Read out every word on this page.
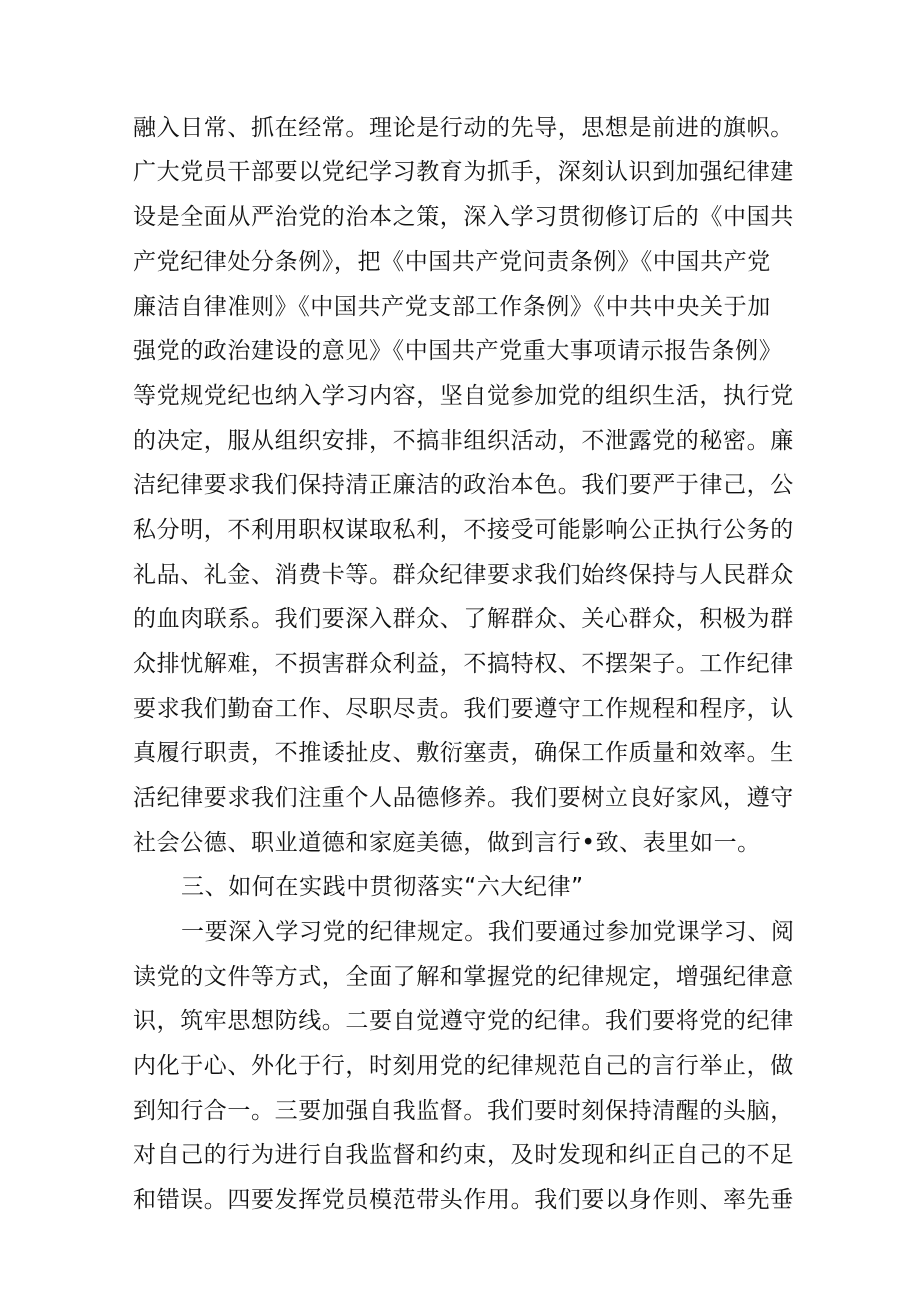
融入日常、抓在经常。理论是行动的先导，思想是前进的旗帜。
广大党员干部要以党纪学习教育为抓手，深刻认识到加强纪律建
设是全面从严治党的治本之策，深入学习贯彻修订后的《中国共
产党纪律处分条例》，把《中国共产党问责条例》《中国共产党
廉洁自律准则》《中国共产党支部工作条例》《中共中央关于加
强党的政治建设的意见》《中国共产党重大事项请示报告条例》
等党规党纪也纳入学习内容，坚自觉参加党的组织生活，执行党
的决定，服从组织安排，不搞非组织活动，不泄露党的秘密。廉
洁纪律要求我们保持清正廉洁的政治本色。我们要严于律己，公
私分明，不利用职权谋取私利，不接受可能影响公正执行公务的
礼品、礼金、消费卡等。群众纪律要求我们始终保持与人民群众
的血肉联系。我们要深入群众、了解群众、关心群众，积极为群
众排忧解难，不损害群众利益，不搞特权、不摆架子。工作纪律
要求我们勤奋工作、尽职尽责。我们要遵守工作规程和程序，认
真履行职责，不推诿扯皮、敷衍塞责，确保工作质量和效率。生
活纪律要求我们注重个人品德修养。我们要树立良好家风，遵守
社会公德、职业道德和家庭美德，做到言行•致、表里如一。
三、如何在实践中贯彻落实“六大纪律”
一要深入学习党的纪律规定。我们要通过参加党课学习、阅
读党的文件等方式，全面了解和掌握党的纪律规定，增强纪律意
识，筑牢思想防线。二要自觉遵守党的纪律。我们要将党的纪律
内化于心、外化于行，时刻用党的纪律规范自己的言行举止，做
到知行合一。三要加强自我监督。我们要时刻保持清醒的头脑，
对自己的行为进行自我监督和约束，及时发现和纠正自己的不足
和错误。四要发挥党员模范带头作用。我们要以身作则、率先垂
